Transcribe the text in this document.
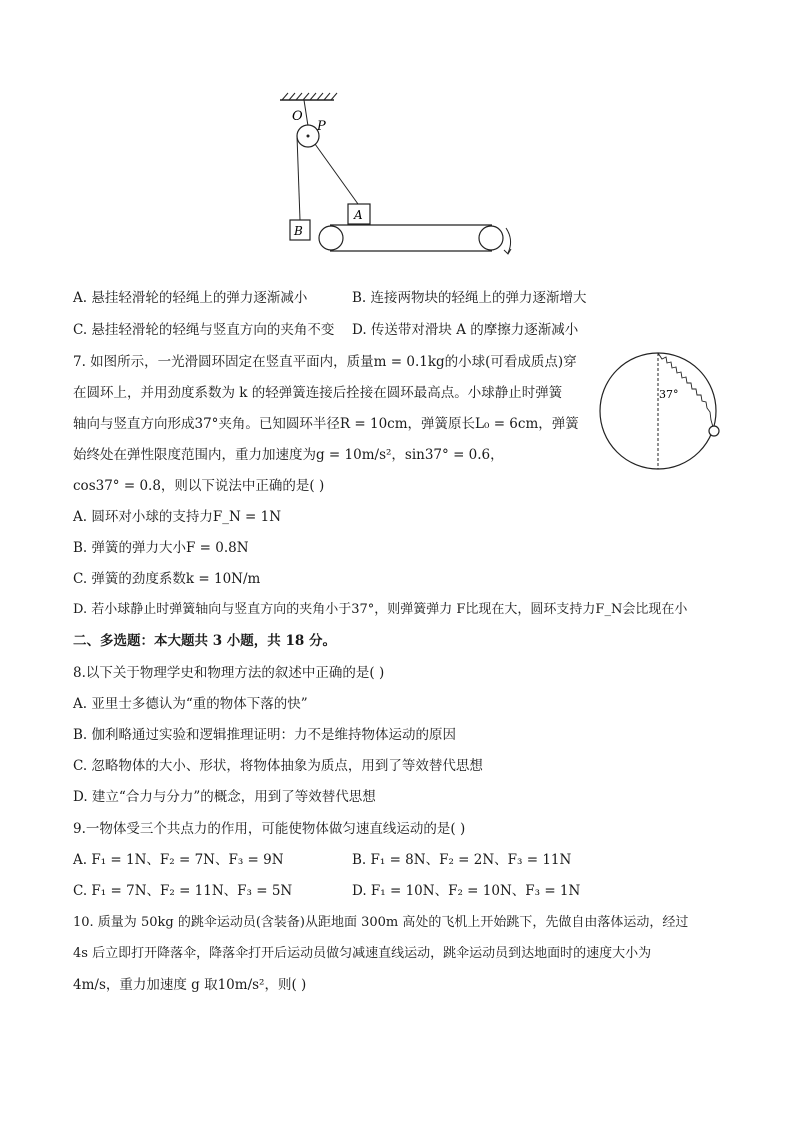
O
P
B
A
A. 悬挂轻滑轮的轻绳上的弹力逐渐减小	B. 连接两物块的轻绳上的弹力逐渐增大
C. 悬挂轻滑轮的轻绳与竖直方向的夹角不变 D. 传送带对滑块 A 的摩擦力逐渐减小
7. 如图所示，一光滑圆环固定在竖直平面内，质量m = 0.1kg的小球(可看成质点)穿
在圆环上，并用劲度系数为 k 的轻弹簧连接后拴接在圆环最高点。小球静止时弹簧
轴向与竖直方向形成37°夹角。已知圆环半径R = 10cm，弹簧原长L₀ = 6cm，弹簧
始终处在弹性限度范围内，重力加速度为g = 10m/s²，sin37° = 0.6，
cos37° = 0.8，则以下说法中正确的是( )
37°
A. 圆环对小球的支持力F_N = 1N
B. 弹簧的弹力大小F = 0.8N
C. 弹簧的劲度系数k = 10N/m
D. 若小球静止时弹簧轴向与竖直方向的夹角小于37°，则弹簧弹力 F比现在大，圆环支持力F_N会比现在小
二、多选题：本大题共 3 小题，共 18 分。
8.以下关于物理学史和物理方法的叙述中正确的是( )
A. 亚里士多德认为“重的物体下落的快”
B. 伽利略通过实验和逻辑推理证明：力不是维持物体运动的原因
C. 忽略物体的大小、形状，将物体抽象为质点，用到了等效替代思想
D. 建立“合力与分力”的概念，用到了等效替代思想
9.一物体受三个共点力的作用，可能使物体做匀速直线运动的是( )
A. F₁ = 1N、F₂ = 7N、F₃ = 9N	B. F₁ = 8N、F₂ = 2N、F₃ = 11N
C. F₁ = 7N、F₂ = 11N、F₃ = 5N	D. F₁ = 10N、F₂ = 10N、F₃ = 1N
10. 质量为 50kg 的跳伞运动员(含装备)从距地面 300m 高处的飞机上开始跳下，先做自由落体运动，经过
4s 后立即打开降落伞，降落伞打开后运动员做匀减速直线运动，跳伞运动员到达地面时的速度大小为
4m/s，重力加速度 g 取10m/s²，则( )
